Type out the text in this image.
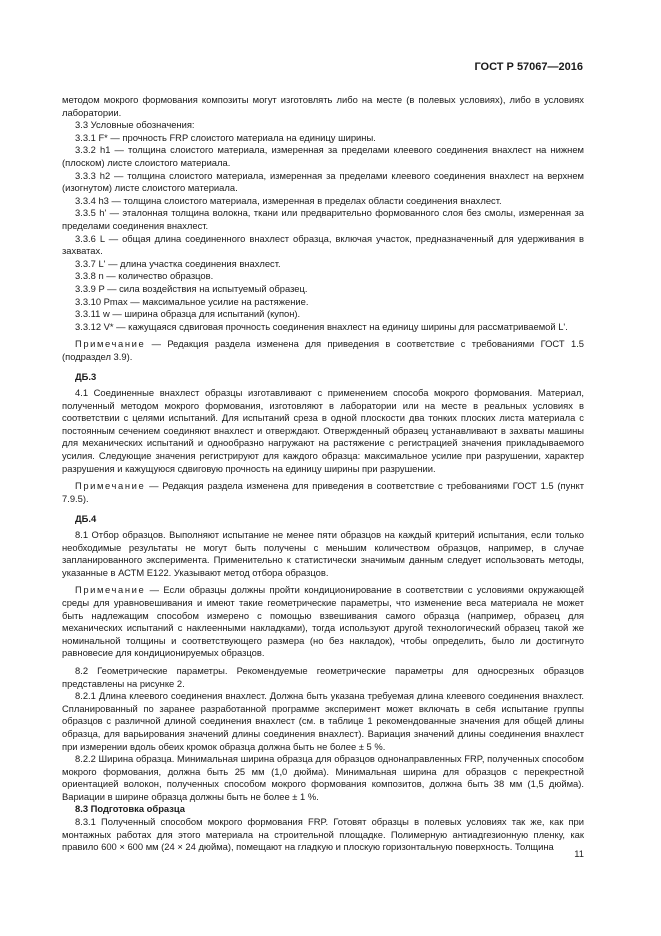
ГОСТ Р 57067—2016

методом мокрого формования композиты могут изготовлять либо на месте (в полевых условиях), либо в условиях лаборатории.

3.3 Условные обозначения:

3.3.1 F* — прочность FRP слоистого материала на единицу ширины.

3.3.2 h1 — толщина слоистого материала, измеренная за пределами клеевого соединения внахлест на нижнем (плоском) листе слоистого материала.

3.3.3 h2 — толщина слоистого материала, измеренная за пределами клеевого соединения внахлест на верхнем (изогнутом) листе слоистого материала.

3.3.4 h3 — толщина слоистого материала, измеренная в пределах области соединения внахлест.

3.3.5 h' — эталонная толщина волокна, ткани или предварительно формованного слоя без смолы, измеренная за пределами соединения внахлест.

3.3.6 L — общая длина соединенного внахлест образца, включая участок, предназначенный для удерживания в захватах.

3.3.7 L' — длина участка соединения внахлест.

3.3.8 n — количество образцов.

3.3.9 P — сила воздействия на испытуемый образец.

3.3.10 Pmax — максимальное усилие на растяжение.

3.3.11 w — ширина образца для испытаний (купон).

3.3.12 V* — кажущаяся сдвиговая прочность соединения внахлест на единицу ширины для рассматриваемой L'.

Примечание — Редакция раздела изменена для приведения в соответствие с требованиями ГОСТ 1.5 (подраздел 3.9).

ДБ.3

4.1 Соединенные внахлест образцы изготавливают с применением способа мокрого формования. Материал, полученный методом мокрого формования, изготовляют в лаборатории или на месте в реальных условиях в соответствии с целями испытаний. Для испытаний среза в одной плоскости два тонких плоских листа материала с постоянным сечением соединяют внахлест и отверждают. Отвержденный образец устанавливают в захваты машины для механических испытаний и однообразно нагружают на растяжение с регистрацией значения прикладываемого усилия. Следующие значения регистрируют для каждого образца: максимальное усилие при разрушении, характер разрушения и кажущуюся сдвиговую прочность на единицу ширины при разрушении.

Примечание — Редакция раздела изменена для приведения в соответствие с требованиями ГОСТ 1.5 (пункт 7.9.5).

ДБ.4

8.1 Отбор образцов. Выполняют испытание не менее пяти образцов на каждый критерий испытания, если только необходимые результаты не могут быть получены с меньшим количеством образцов, например, в случае запланированного эксперимента. Применительно к статистически значимым данным следует использовать методы, указанные в АСТМ Е122. Указывают метод отбора образцов.

Примечание — Если образцы должны пройти кондиционирование в соответствии с условиями окружающей среды для уравновешивания и имеют такие геометрические параметры, что изменение веса материала не может быть надлежащим способом измерено с помощью взвешивания самого образца (например, образец для механических испытаний с наклеенными накладками), тогда используют другой технологический образец такой же номинальной толщины и соответствующего размера (но без накладок), чтобы определить, было ли достигнуто равновесие для кондиционируемых образцов.

8.2 Геометрические параметры. Рекомендуемые геометрические параметры для односрезных образцов представлены на рисунке 2.

8.2.1 Длина клеевого соединения внахлест. Должна быть указана требуемая длина клеевого соединения внахлест. Спланированный по заранее разработанной программе эксперимент может включать в себя испытание группы образцов с различной длиной соединения внахлест (см. в таблице 1 рекомендованные значения для общей длины образца, для варьирования значений длины соединения внахлест). Вариация значений длины соединения внахлест при измерении вдоль обеих кромок образца должна быть не более ± 5 %.

8.2.2 Ширина образца. Минимальная ширина образца для образцов однонаправленных FRP, полученных способом мокрого формования, должна быть 25 мм (1,0 дюйма). Минимальная ширина для образцов с перекрестной ориентацией волокон, полученных способом мокрого формования композитов, должна быть 38 мм (1,5 дюйма). Вариации в ширине образца должны быть не более ± 1 %.

8.3 Подготовка образца

8.3.1 Полученный способом мокрого формования FRP. Готовят образцы в полевых условиях так же, как при монтажных работах для этого материала на строительной площадке. Полимерную антиадгезионную пленку, как правило 600 × 600 мм (24 × 24 дюйма), помещают на гладкую и плоскую горизонтальную поверхность. Толщина

11
